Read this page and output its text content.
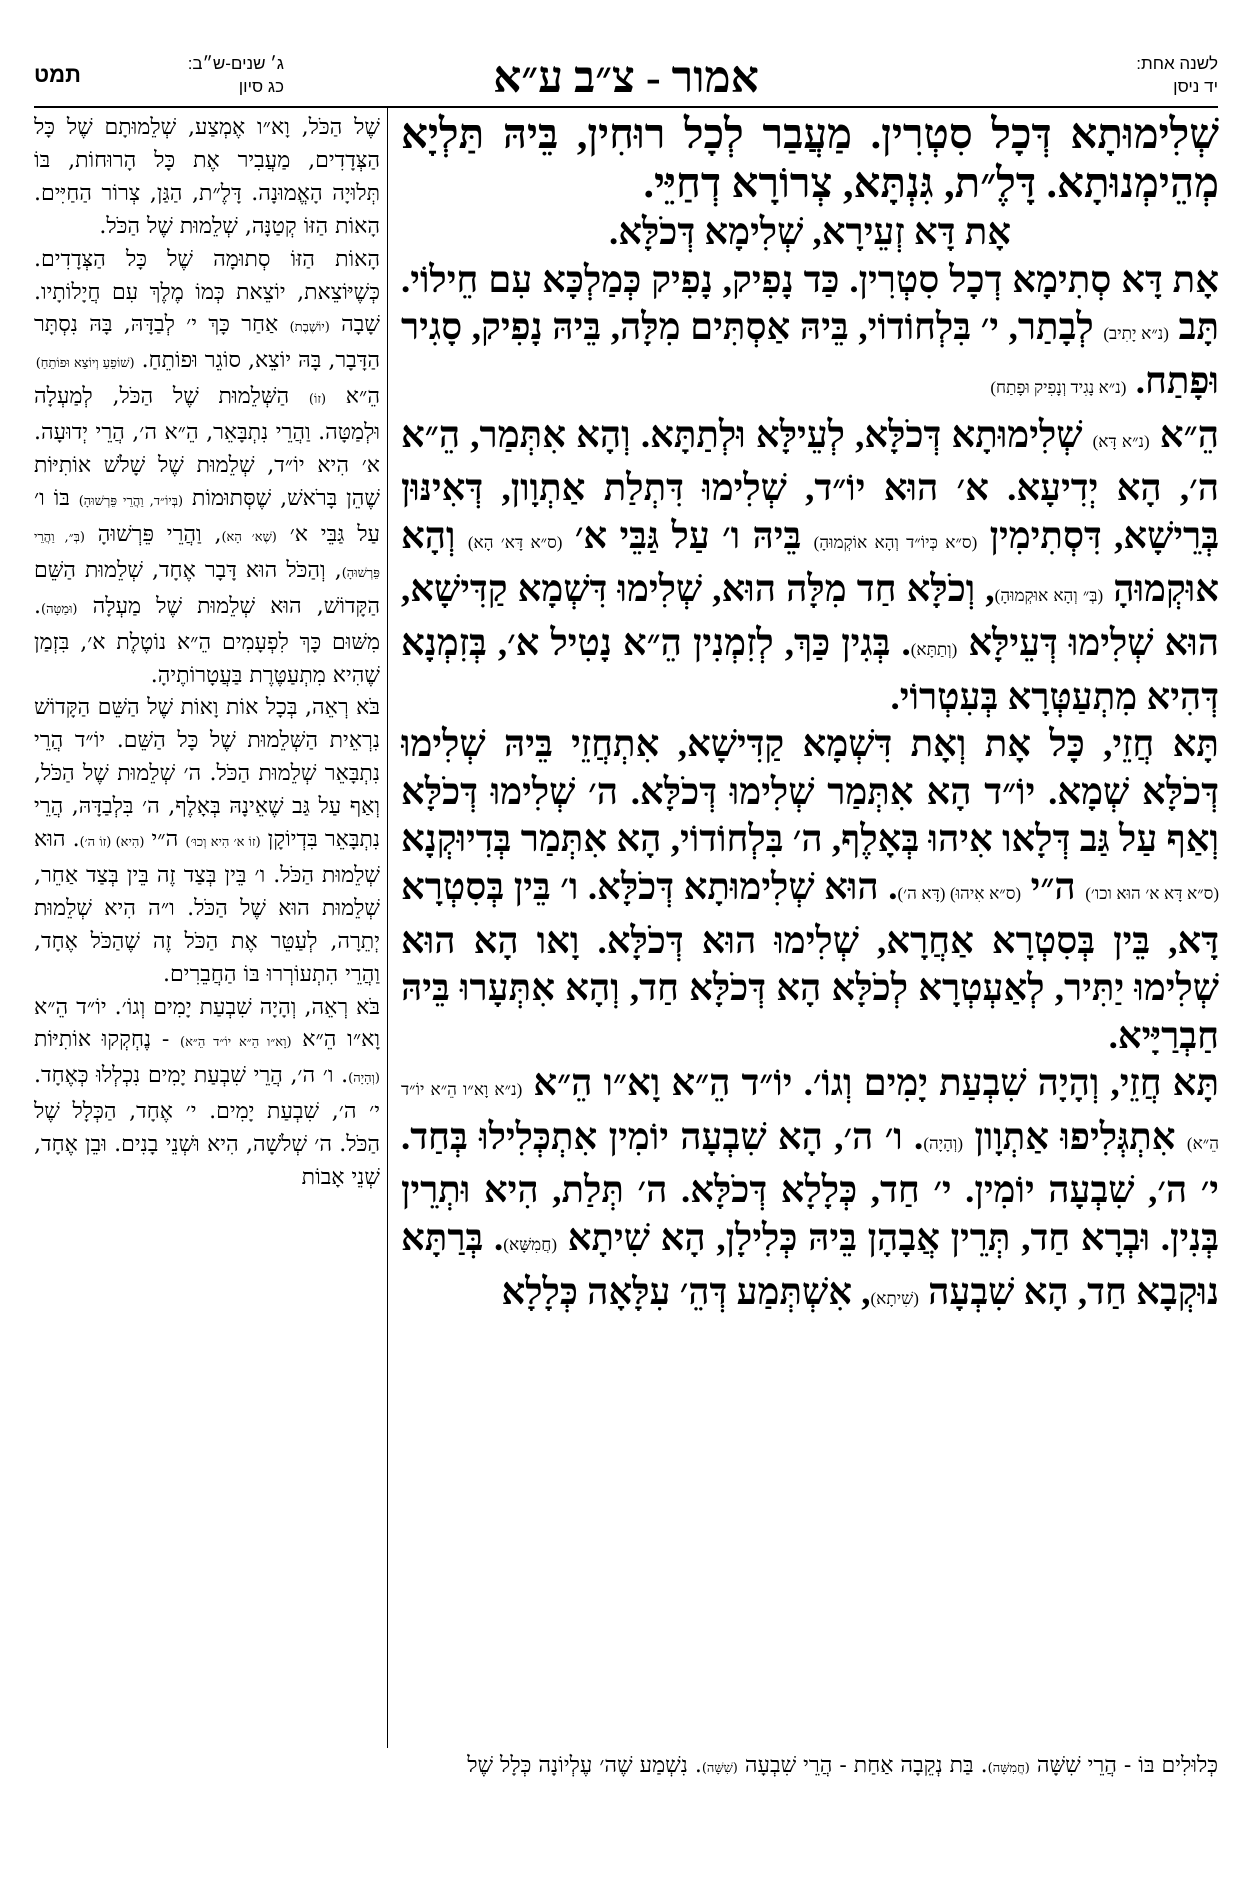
לשנה אחת:
יד ניסן
אמור - צ״ב ע״א
ג׳ שנים-ש״ב:
כג סיון
תמט

שְׁלִימוּתָא דְּכָל סִטְרִין. מַעֲבַר לְכָל רוּחִין, בֵּיהּ תַּלְיָא מְהֵימְנוּתָא. דָּלֶ״ת, גִּנְתָּא, צְרוֹרָא דְחַיֵּי.

אָת דָּא זְעֵירָא, שְׁלִימָא דְּכֹלָּא.

אָת דָּא סְתִימָא דְכָל סִטְרִין. כַּד נָפִיק, נָפִיק כְּמַלְכָּא עִם חֵילוֹי. תָּב (נ״א יָתִיב) לְבָתַר, י׳ בִּלְחוֹדוֹי, בֵּיהּ אַסְתִּים מִלָּה, בֵּיהּ נָפִיק, סָגִיר וּפָתַח. (נ״א נָגִיד וְנָפִיק וּפָתַח)

הֵ״א (נ״א דָּא) שְׁלִימוּתָא דְּכֹלָּא, לְעֵילָּא וּלְתַתָּא. וְהָא אִתְּמַר, הֵ״א ה׳, הָא יְדִיעָא. א׳ הוּא יוֹ״ד, שְׁלִימוּ דִּתְלַת אַתְוָון, דְּאִינּוּן בְּרֵישָׁא, דִּסְתִימִין (ס״א כְּיוֹ״ד וְהָא אוֹקְמוּהָ) בֵּיהּ ו׳ עַל גַּבֵּי א׳ (ס״א דָּא׳ הָא) וְהָא אוּקְמוּהָ (בְּ״ וְהָא אוּקְמוּהָ), וְכֹלָּא חַד מִלָּה הוּא, שְׁלִימוּ דִּשְׁמָא קַדִּישָׁא, הוּא שְׁלִימוּ דְּעֵילָּא (וְתַתָּא). בְּגִין כַּךְ, לְזִמְנִין הֵ״א נָטִיל א׳, בְּזִמְנָא דְּהִיא מִתְעַטְּרָא בְּעִטְרוֹי.

תָּא חֲזֵי, כָּל אָת וְאָת דִּשְׁמָא קַדִּישָׁא, אִתְחֲזֵי בֵּיהּ שְׁלִימוּ דְּכֹלָּא שְׁמָא. יוֹ״ד הָא אִתְּמַר שְׁלִימוּ דְּכֹלָּא. ה׳ שְׁלִימוּ דְּכֹלָּא וְאַף עַל גַּב דְּלָאו אִיהוּ בְּאָלֶף, ה׳ בִּלְחוֹדוֹי, הָא אִתְּמַר בְּדִיוּקְנָא (ס״א דָּא א׳ הוּא וכו׳) ה״י (ס״א אִיהוּ) (דָּא ה׳). הוּא שְׁלִימוּתָא דְּכֹלָּא. ו׳ בֵּין בְּסִטְרָא דָּא, בֵּין בְּסִטְרָא אַחֲרָא, שְׁלִימוּ הוּא דְּכֹלָּא. וָאו הָא הוּא שְׁלִימוּ יַתִּיר, לְאַעְטְרָא לְכֹלָּא הָא דְּכֹלָּא חַד, וְהָא אִתְּעָרוּ בֵּיהּ חַבְרַיָּיא.

תָּא חֲזֵי, וְהָיָה שִׁבְעַת יָמִים וְגוֹ׳. יוֹ״ד הֵ״א וָא״ו הֵ״א (נ״א וָא״ו הֵ״א יוֹ״ד הֵ״א) אִתְגְּלִיפוּ אַתְוָון (וְהָיָה). ו׳ ה׳, הָא שִׁבְעָה יוֹמִין אִתְכְּלִילוּ בְּחַד. י׳ ה׳, שִׁבְעָה יוֹמִין. י׳ חַד, כְּלָלָא דְּכֹלָּא. ה׳ תְּלַת, הִיא וּתְרֵין בְּנִין. וּבְרָא חַד, תְּרֵין אֲבָהָן בֵּיהּ כְּלִילָן, הָא שִׁיתָא (חֲמִשָּׁא). בְּרַתָּא נוּקְבָא חַד, הָא שִׁבְעָה (שִׁיתָא), אִשְׁתְּמַע דְּהֵ׳ עִלָּאָה כְּלָלָא

שֶׁל הַכֹּל, וָא״ו אֶמְצַע, שְׁלֵמוּתָם שֶׁל כָּל הַצְּדָדִים, מַעֲבִיר אֶת כָּל הָרוּחוֹת, בּוֹ תְּלוּיָה הָאֱמוּנָה. דָּלֶ״ת, הַגַּן, צְרוֹר הַחַיִּים. הָאוֹת הַזּוֹ קְטַנָּה, שְׁלֵמוּת שֶׁל הַכֹּל.

הָאוֹת הַזּוֹ סְתוּמָה שֶׁל כָּל הַצְּדָדִים. כְּשֶׁיּוֹצֵאת, יוֹצֵאת כְּמוֹ מֶלֶךְ עִם חֲיָלוֹתָיו. שָׁבָה (יוֹשֶׁבֶת) אַחַר כָּךְ י׳ לְבַדָּהּ, בָּהּ נִסְתָּר הַדָּבָר, בָּהּ יוֹצֵא, סוֹגֵר וּפוֹתֵחַ. (שׁוֹפֵעַ וְיוֹצֵא וּפוֹתֵחַ)

הֵ״א (זוֹ) הַשְּׁלֵמוּת שֶׁל הַכֹּל, לְמַעְלָה וּלְמַטָּה. וַהֲרֵי נִתְבָּאֵר, הֵ״א ה׳, הֲרֵי יְדוּעָה. א׳ הִיא יוֹ״ד, שְׁלֵמוּת שֶׁל שָׁלֹשׁ אוֹתִיּוֹת שֶׁהֵן בָּרֹאשׁ, שֶׁסְּתוּמוֹת (בְּיוֹ״ד, וַהֲרֵי פֵּרְשׁוּהָ) בּוֹ ו׳ עַל גַּבֵּי א׳ (שֶׁא׳ הָא), וַהֲרֵי פֵּרְשׁוּהָ (בְּ״, וַהֲרֵי פֵּרְשׁוּהָ), וְהַכֹּל הוּא דָּבָר אֶחָד, שְׁלֵמוּת הַשֵּׁם הַקָּדוֹשׁ, הוּא שְׁלֵמוּת שֶׁל מַעְלָה (וּמַטָּה). מִשּׁוּם כָּךְ לִפְעָמִים הֵ״א נוֹטֶלֶת א׳, בִּזְמַן שֶׁהִיא מִתְעַטֶּרֶת בַּעֲטָרוֹתֶיהָ.

בֹּא רְאֵה, בְּכָל אוֹת וָאוֹת שֶׁל הַשֵּׁם הַקָּדוֹשׁ נִרְאֵית הַשְּׁלֵמוּת שֶׁל כָּל הַשֵּׁם. יוֹ״ד הֲרֵי נִתְבָּאֵר שְׁלֵמוּת הַכֹּל. ה׳ שְׁלֵמוּת שֶׁל הַכֹּל, וְאַף עַל גַּב שֶׁאֵינָהּ בְּאָלֶף, ה׳ בִּלְבַדָּהּ, הֲרֵי נִתְבָּאֵר בִּדְיוֹקָן (זוֹ א׳ הִיא וְכוּ׳) ה״י (הִיא) (זוֹ ה׳). הוּא שְׁלֵמוּת הַכֹּל. ו׳ בֵּין בְּצַד זֶה בֵּין בְּצַד אַחֵר, שְׁלֵמוּת הוּא שֶׁל הַכֹּל. ו״ה הִיא שְׁלֵמוּת יְתֵרָה, לְעַטֵּר אֶת הַכֹּל זֶה שֶׁהַכֹּל אֶחָד, וַהֲרֵי הִתְעוֹרְרוּ בּוֹ הַחֲבֵרִים.

בֹּא רְאֵה, וְהָיָה שִׁבְעַת יָמִים וְגוֹ׳. יוֹ״ד הֵ״א וָא״ו הֵ״א (וָא״ו הֵ״א יוֹ״ד הֵ״א) - נֶחְקְקוּ אוֹתִיּוֹת (וְהָיָה). ו׳ ה׳, הֲרֵי שִׁבְעַת יָמִים נִכְלְלוּ כְּאֶחָד. י׳ ה׳, שִׁבְעַת יָמִים. י׳ אֶחָד, הַכְּלָל שֶׁל הַכֹּל. ה׳ שְׁלֹשָׁה, הִיא וּשְׁנֵי בָנִים. וּבֵן אֶחָד, שְׁנֵי אָבוֹת

כְּלוּלִים בּוֹ - הֲרֵי שִׁשָּׁה (חֲמִשָּׁה). בַּת נְקֵבָה אַחַת - הֲרֵי שִׁבְעָה (שִׁשָּׁה). נִשְׁמַע שֶׁה׳ עֶלְיוֹנָה כְּלָל שֶׁל
